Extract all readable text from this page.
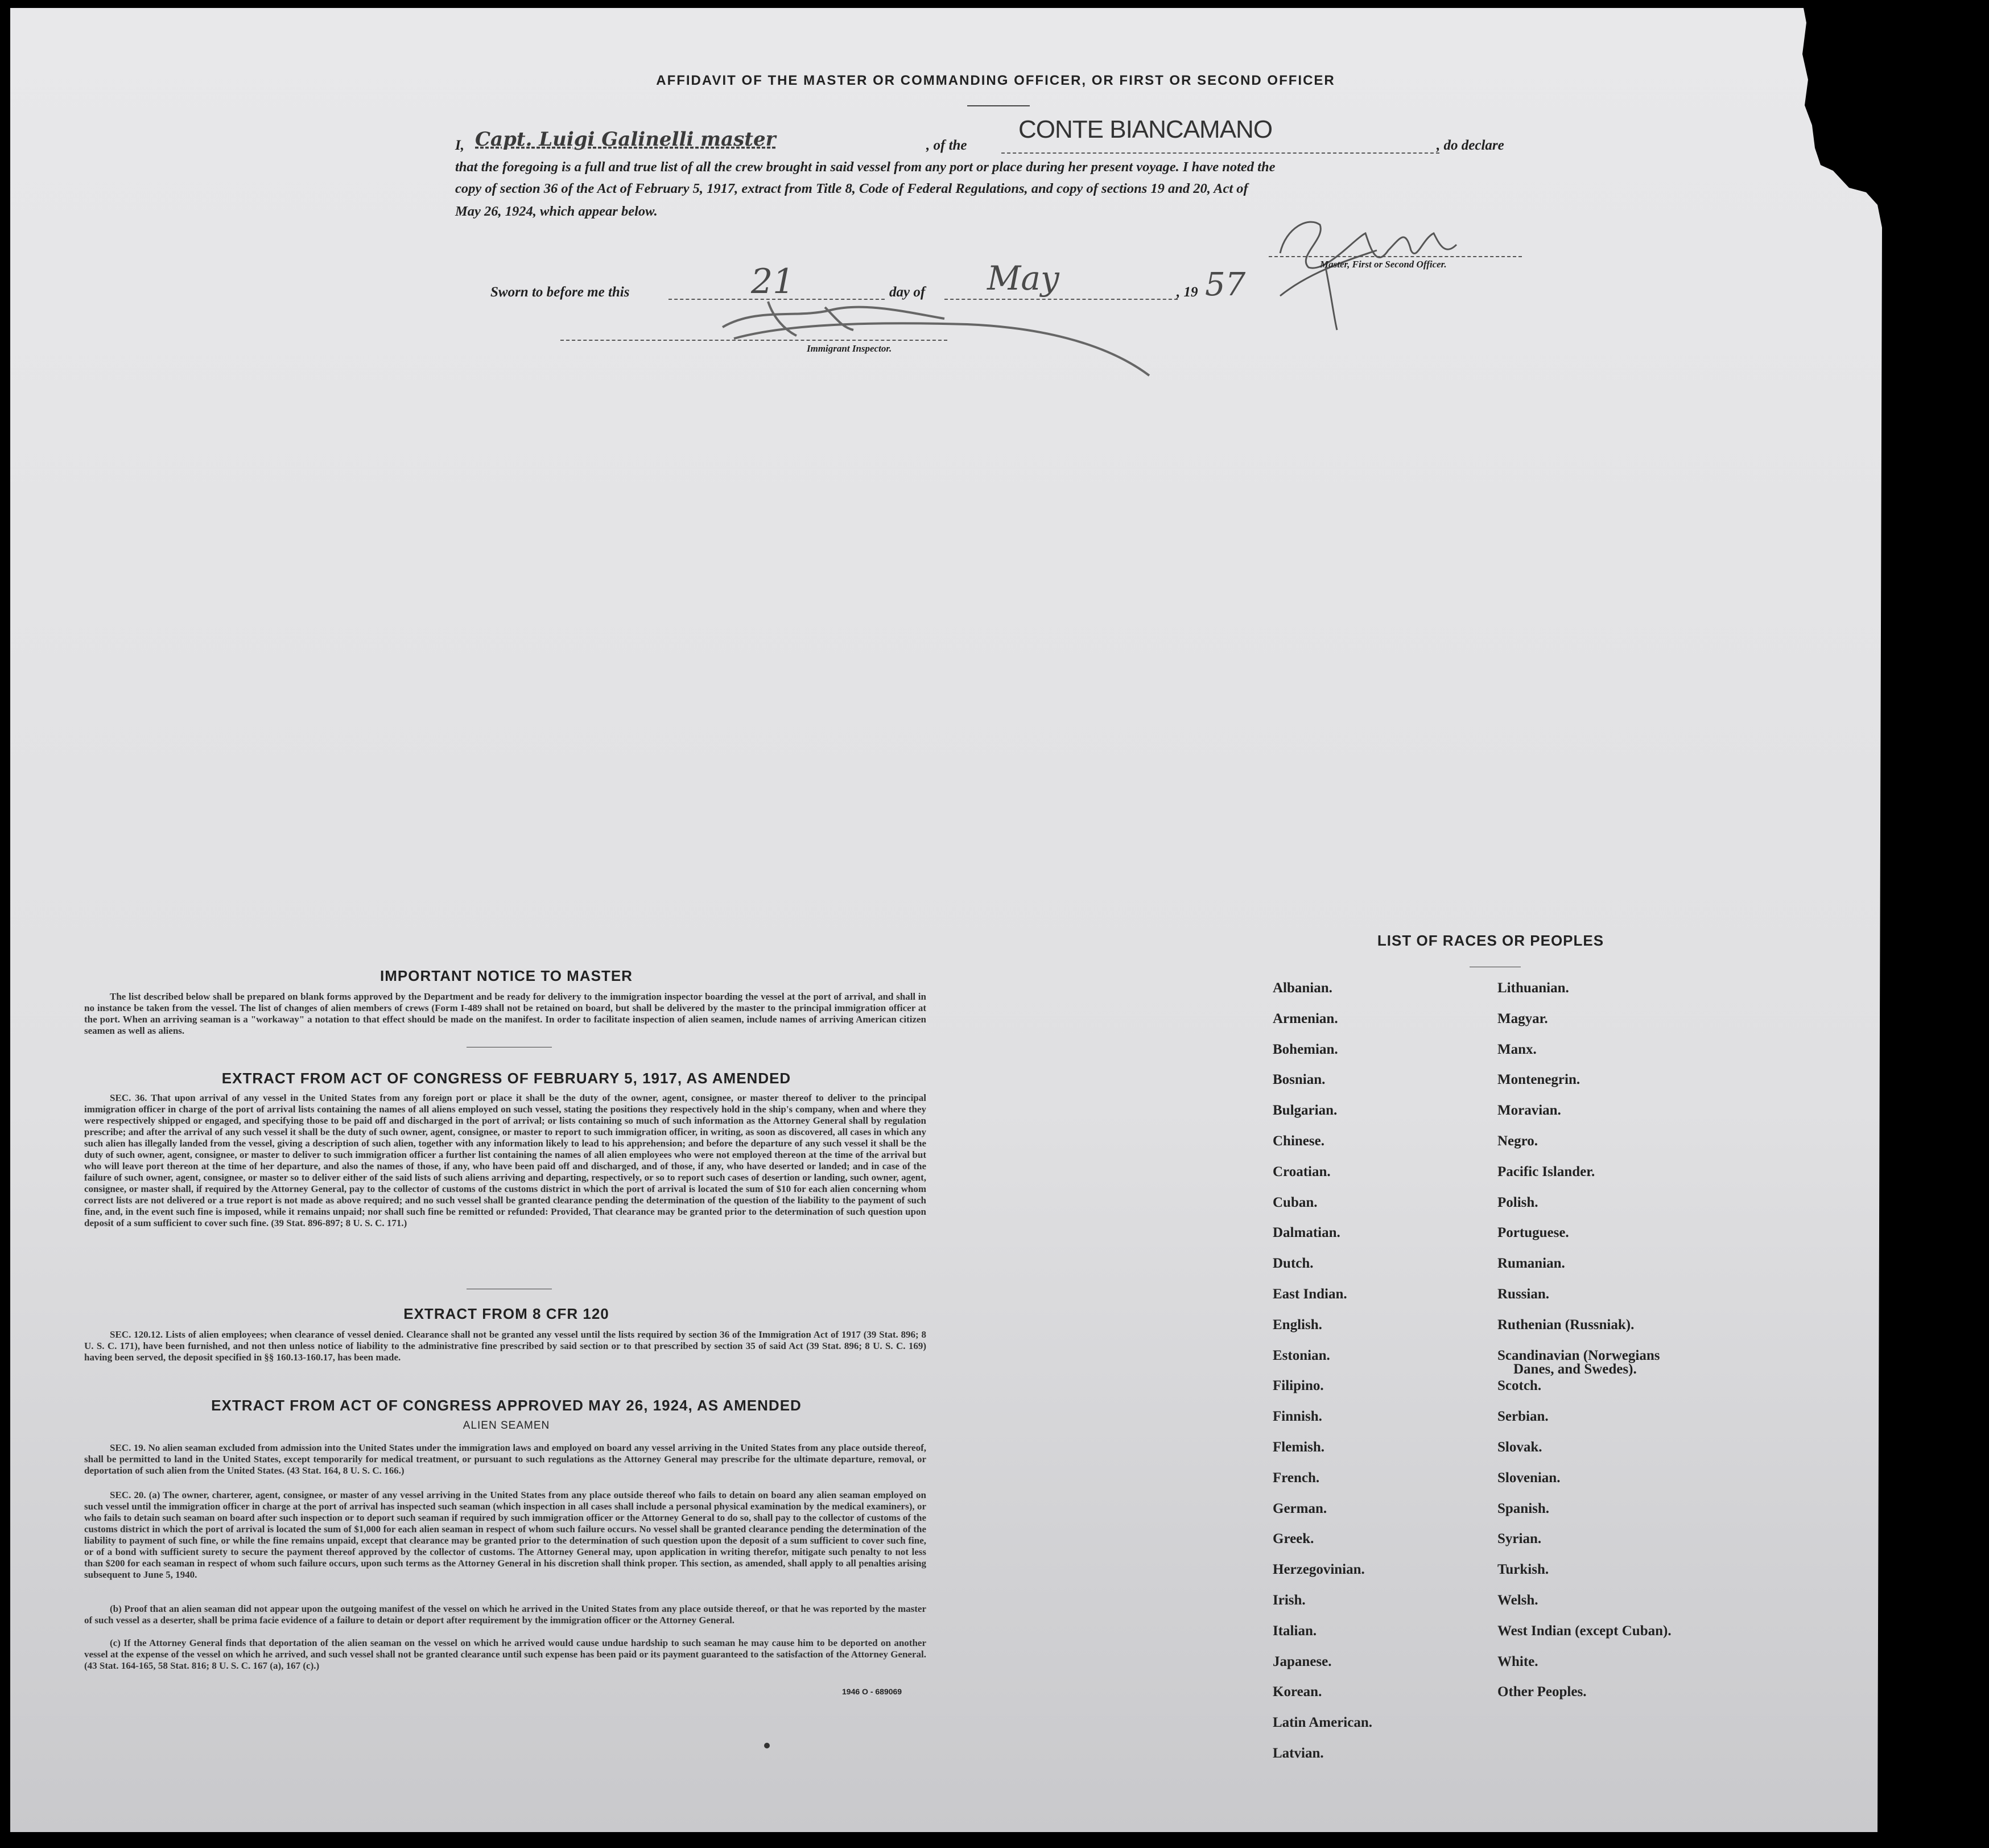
AFFIDAVIT OF THE MASTER OR COMMANDING OFFICER, OR FIRST OR SECOND OFFICER
I, Capt. Luigi Galinelli master	, of the
CONTE BIANCAMANO
, do declare
that the foregoing is a full and true list of all the crew brought in said vessel from any port or place during her present voyage. I have noted the
copy of section 36 of the Act of February 5, 1917, extract from Title 8, Code of Federal Regulations, and copy of sections 19 and 20, Act of
May 26, 1924, which appear below.
Master, First or Second Officer.
Sworn to before me this	21	day of May	, 19 57
Immigrant Inspector.
IMPORTANT NOTICE TO MASTER
The list described below shall be prepared on blank forms approved by the Department and be ready for delivery to the immigration inspector boarding the vessel at the port of arrival, and shall in no instance be taken from the vessel. The list of changes of alien members of crews (Form I-489 shall not be retained on board, but shall be delivered by the master to the principal immigration officer at the port. When an arriving seaman is a "workaway" a notation to that effect should be made on the manifest. In order to facilitate inspection of alien seamen, include names of arriving American citizen seamen as well as aliens.
EXTRACT FROM ACT OF CONGRESS OF FEBRUARY 5, 1917, AS AMENDED
SEC. 36. That upon arrival of any vessel in the United States from any foreign port or place it shall be the duty of the owner, agent, consignee, or master thereof to deliver to the principal immigration officer in charge of the port of arrival lists containing the names of all aliens employed on such vessel, stating the positions they respectively hold in the ship's company, when and where they were respectively shipped or engaged, and specifying those to be paid off and discharged in the port of arrival; or lists containing so much of such information as the Attorney General shall by regulation prescribe; and after the arrival of any such vessel it shall be the duty of such owner, agent, consignee, or master to report to such immigration officer, in writing, as soon as discovered, all cases in which any such alien has illegally landed from the vessel, giving a description of such alien, together with any information likely to lead to his apprehension; and before the departure of any such vessel it shall be the duty of such owner, agent, consignee, or master to deliver to such immigration officer a further list containing the names of all alien employees who were not employed thereon at the time of the arrival but who will leave port thereon at the time of her departure, and also the names of those, if any, who have been paid off and discharged, and of those, if any, who have deserted or landed; and in case of the failure of such owner, agent, consignee, or master so to deliver either of the said lists of such aliens arriving and departing, respectively, or so to report such cases of desertion or landing, such owner, agent, consignee, or master shall, if required by the Attorney General, pay to the collector of customs of the customs district in which the port of arrival is located the sum of $10 for each alien concerning whom correct lists are not delivered or a true report is not made as above required; and no such vessel shall be granted clearance pending the determination of the question of the liability to the payment of such fine, and, in the event such fine is imposed, while it remains unpaid; nor shall such fine be remitted or refunded: Provided, That clearance may be granted prior to the determination of such question upon deposit of a sum sufficient to cover such fine. (39 Stat. 896-897; 8 U. S. C. 171.)
EXTRACT FROM 8 CFR 120
SEC. 120.12. Lists of alien employees; when clearance of vessel denied. Clearance shall not be granted any vessel until the lists required by section 36 of the Immigration Act of 1917 (39 Stat. 896; 8 U. S. C. 171), have been furnished, and not then unless notice of liability to the administrative fine prescribed by said section or to that prescribed by section 35 of said Act (39 Stat. 896; 8 U. S. C. 169) having been served, the deposit specified in §§ 160.13-160.17, has been made.
EXTRACT FROM ACT OF CONGRESS APPROVED MAY 26, 1924, AS AMENDED
ALIEN SEAMEN
SEC. 19. No alien seaman excluded from admission into the United States under the immigration laws and employed on board any vessel arriving in the United States from any place outside thereof, shall be permitted to land in the United States, except temporarily for medical treatment, or pursuant to such regulations as the Attorney General may prescribe for the ultimate departure, removal, or deportation of such alien from the United States. (43 Stat. 164, 8 U. S. C. 166.)
SEC. 20. (a) The owner, charterer, agent, consignee, or master of any vessel arriving in the United States from any place outside thereof who fails to detain on board any alien seaman employed on such vessel until the immigration officer in charge at the port of arrival has inspected such seaman (which inspection in all cases shall include a personal physical examination by the medical examiners), or who fails to detain such seaman on board after such inspection or to deport such seaman if required by such immigration officer or the Attorney General to do so, shall pay to the collector of customs of the customs district in which the port of arrival is located the sum of $1,000 for each alien seaman in respect of whom such failure occurs. No vessel shall be granted clearance pending the determination of the liability to payment of such fine, or while the fine remains unpaid, except that clearance may be granted prior to the determination of such question upon the deposit of a sum sufficient to cover such fine, or of a bond with sufficient surety to secure the payment thereof approved by the collector of customs. The Attorney General may, upon application in writing therefor, mitigate such penalty to not less than $200 for each seaman in respect of whom such failure occurs, upon such terms as the Attorney General in his discretion shall think proper. This section, as amended, shall apply to all penalties arising subsequent to June 5, 1940.
(b) Proof that an alien seaman did not appear upon the outgoing manifest of the vessel on which he arrived in the United States from any place outside thereof, or that he was reported by the master of such vessel as a deserter, shall be prima facie evidence of a failure to detain or deport after requirement by the immigration officer or the Attorney General.
(c) If the Attorney General finds that deportation of the alien seaman on the vessel on which he arrived would cause undue hardship to such seaman he may cause him to be deported on another vessel at the expense of the vessel on which he arrived, and such vessel shall not be granted clearance until such expense has been paid or its payment guaranteed to the satisfaction of the Attorney General. (43 Stat. 164-165, 58 Stat. 816; 8 U. S. C. 167 (a), 167 (c).)
1946 O - 689069
LIST OF RACES OR PEOPLES
Albanian.
Armenian.
Bohemian.
Bosnian.
Bulgarian.
Chinese.
Croatian.
Cuban.
Dalmatian.
Dutch.
East Indian.
English.
Estonian.
Filipino.
Finnish.
Flemish.
French.
German.
Greek.
Herzegovinian.
Irish.
Italian.
Japanese.
Korean.
Latin American.
Latvian.
Lithuanian.
Magyar.
Manx.
Montenegrin.
Moravian.
Negro.
Pacific Islander.
Polish.
Portuguese.
Rumanian.
Russian.
Ruthenian (Russniak).
Scandinavian (Norwegians
Danes, and Swedes).
Scotch.
Serbian.
Slovak.
Slovenian.
Spanish.
Syrian.
Turkish.
Welsh.
West Indian (except Cuban).
White.
Other Peoples.
